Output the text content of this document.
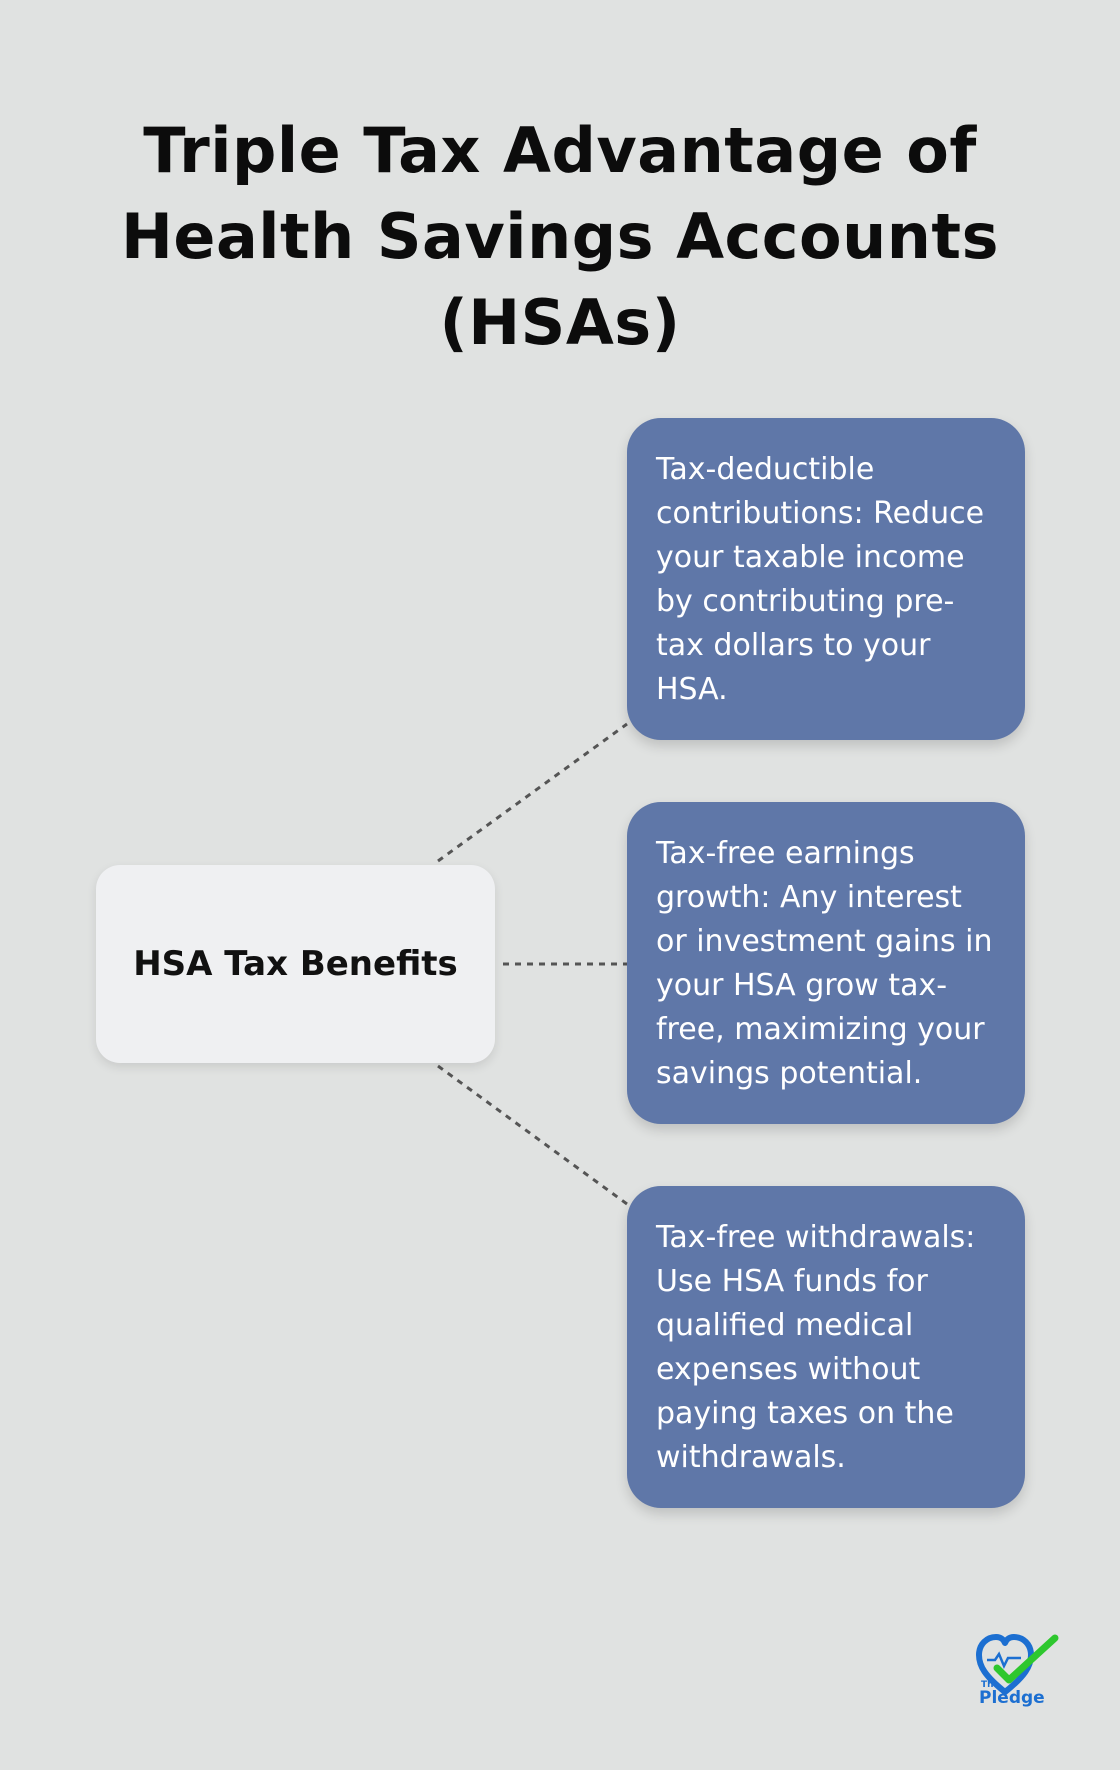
Triple Tax Advantage of Health Savings Accounts (HSAs)
HSA Tax Benefits
Tax-deductible contributions: Reduce your taxable income by contributing pre-tax dollars to your HSA.
Tax-free earnings growth: Any interest or investment gains in your HSA grow tax-free, maximizing your savings potential.
Tax-free withdrawals: Use HSA funds for qualified medical expenses without paying taxes on the withdrawals.
The
Pledge
